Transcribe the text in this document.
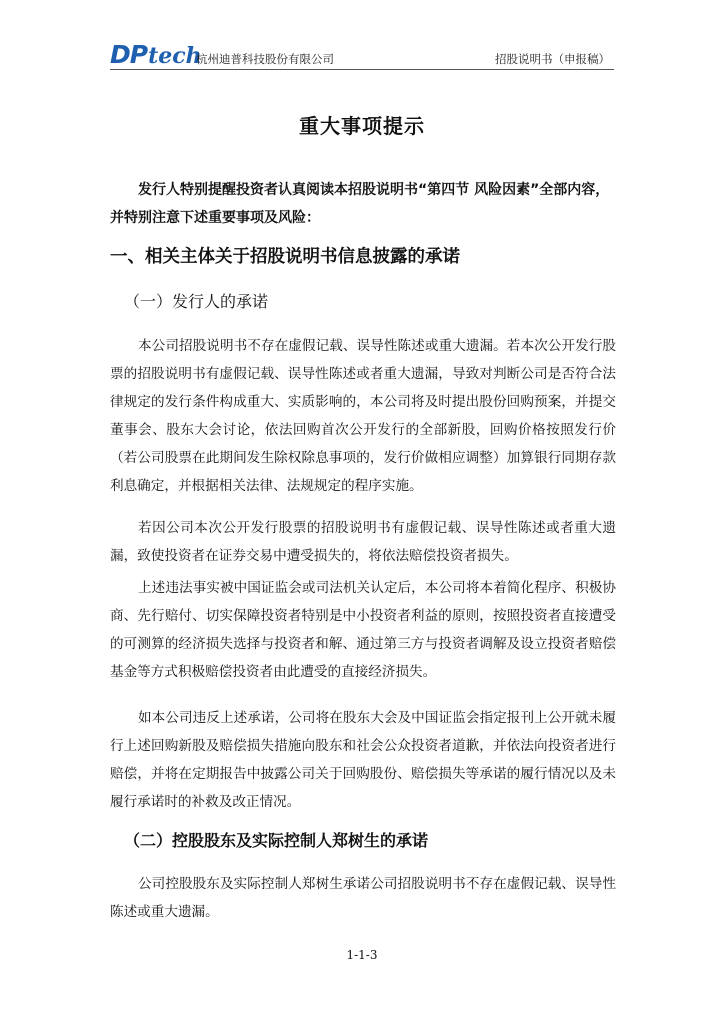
DP tech
杭州迪普科技股份有限公司	招股说明书（申报稿）
重大事项提示

发行人特别提醒投资者认真阅读本招股说明书“第四节 风险因素”全部内容，并特别注意下述重要事项及风险：

一、相关主体关于招股说明书信息披露的承诺
（一）发行人的承诺

本公司招股说明书不存在虚假记载、误导性陈述或重大遗漏。若本次公开发行股票的招股说明书有虚假记载、误导性陈述或者重大遗漏，导致对判断公司是否符合法律规定的发行条件构成重大、实质影响的，本公司将及时提出股份回购预案，并提交董事会、股东大会讨论，依法回购首次公开发行的全部新股，回购价格按照发行价（若公司股票在此期间发生除权除息事项的，发行价做相应调整）加算银行同期存款利息确定，并根据相关法律、法规规定的程序实施。

若因公司本次公开发行股票的招股说明书有虚假记载、误导性陈述或者重大遗漏，致使投资者在证券交易中遭受损失的，将依法赔偿投资者损失。

上述违法事实被中国证监会或司法机关认定后，本公司将本着简化程序、积极协商、先行赔付、切实保障投资者特别是中小投资者利益的原则，按照投资者直接遭受的可测算的经济损失选择与投资者和解、通过第三方与投资者调解及设立投资者赔偿基金等方式积极赔偿投资者由此遭受的直接经济损失。

如本公司违反上述承诺，公司将在股东大会及中国证监会指定报刊上公开就未履行上述回购新股及赔偿损失措施向股东和社会公众投资者道歉，并依法向投资者进行赔偿，并将在定期报告中披露公司关于回购股份、赔偿损失等承诺的履行情况以及未履行承诺时的补救及改正情况。

（二）控股股东及实际控制人郑树生的承诺

公司控股股东及实际控制人郑树生承诺公司招股说明书不存在虚假记载、误导性陈述或重大遗漏。

1-1-3
